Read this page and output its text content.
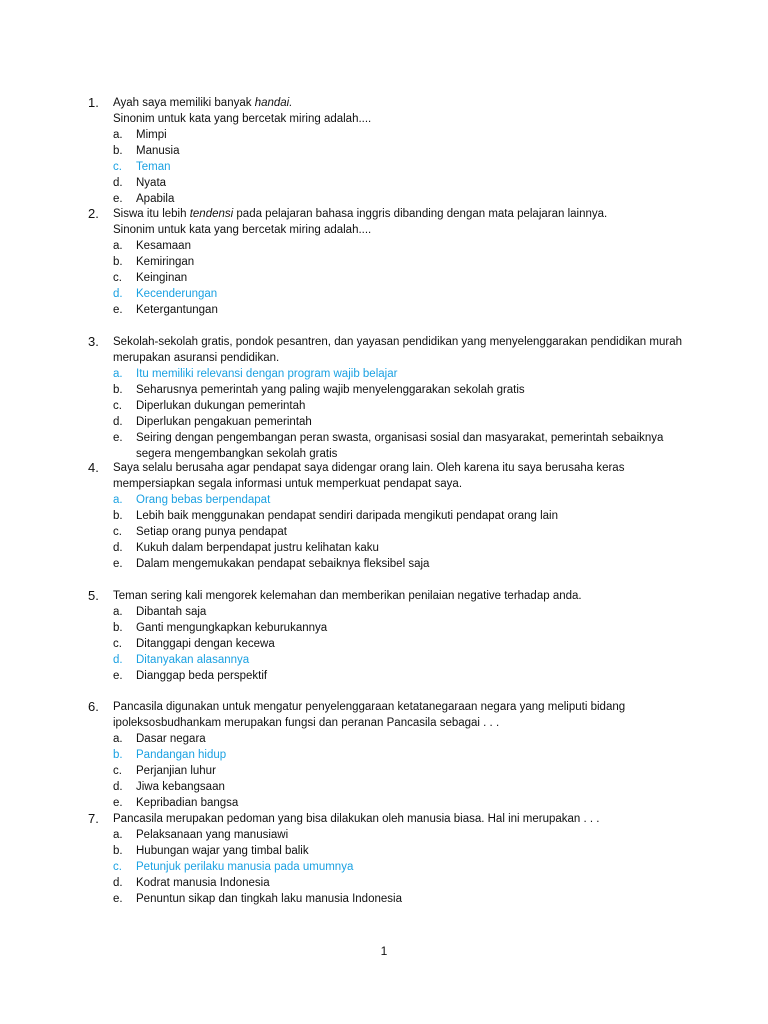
1. Ayah saya memiliki banyak handai.
Sinonim untuk kata yang bercetak miring adalah....
a. Mimpi
b. Manusia
c. Teman
d. Nyata
e. Apabila
2. Siswa itu lebih tendensi pada pelajaran bahasa inggris dibanding dengan mata pelajaran lainnya.
Sinonim untuk kata yang bercetak miring adalah....
a. Kesamaan
b. Kemiringan
c. Keinginan
d. Kecenderungan
e. Ketergantungan
3. Sekolah-sekolah gratis, pondok pesantren, dan yayasan pendidikan yang menyelenggarakan pendidikan murah
merupakan asuransi pendidikan.
a. Itu memiliki relevansi dengan program wajib belajar
b. Seharusnya pemerintah yang paling wajib menyelenggarakan sekolah gratis
c. Diperlukan dukungan pemerintah
d. Diperlukan pengakuan pemerintah
e. Seiring dengan pengembangan peran swasta, organisasi sosial dan masyarakat, pemerintah sebaiknya
segera mengembangkan sekolah gratis
4. Saya selalu berusaha agar pendapat saya didengar orang lain. Oleh karena itu saya berusaha keras
mempersiapkan segala informasi untuk memperkuat pendapat saya.
a. Orang bebas berpendapat
b. Lebih baik menggunakan pendapat sendiri daripada mengikuti pendapat orang lain
c. Setiap orang punya pendapat
d. Kukuh dalam berpendapat justru kelihatan kaku
e. Dalam mengemukakan pendapat sebaiknya fleksibel saja
5. Teman sering kali mengorek kelemahan dan memberikan penilaian negative terhadap anda.
a. Dibantah saja
b. Ganti mengungkapkan keburukannya
c. Ditanggapi dengan kecewa
d. Ditanyakan alasannya
e. Dianggap beda perspektif
6. Pancasila digunakan untuk mengatur penyelenggaraan ketatanegaraan negara yang meliputi bidang
ipoleksosbudhankam merupakan fungsi dan peranan Pancasila sebagai . . .
a. Dasar negara
b. Pandangan hidup
c. Perjanjian luhur
d. Jiwa kebangsaan
e. Kepribadian bangsa
7. Pancasila merupakan pedoman yang bisa dilakukan oleh manusia biasa. Hal ini merupakan . . .
a. Pelaksanaan yang manusiawi
b. Hubungan wajar yang timbal balik
c. Petunjuk perilaku manusia pada umumnya
d. Kodrat manusia Indonesia
e. Penuntun sikap dan tingkah laku manusia Indonesia
1
